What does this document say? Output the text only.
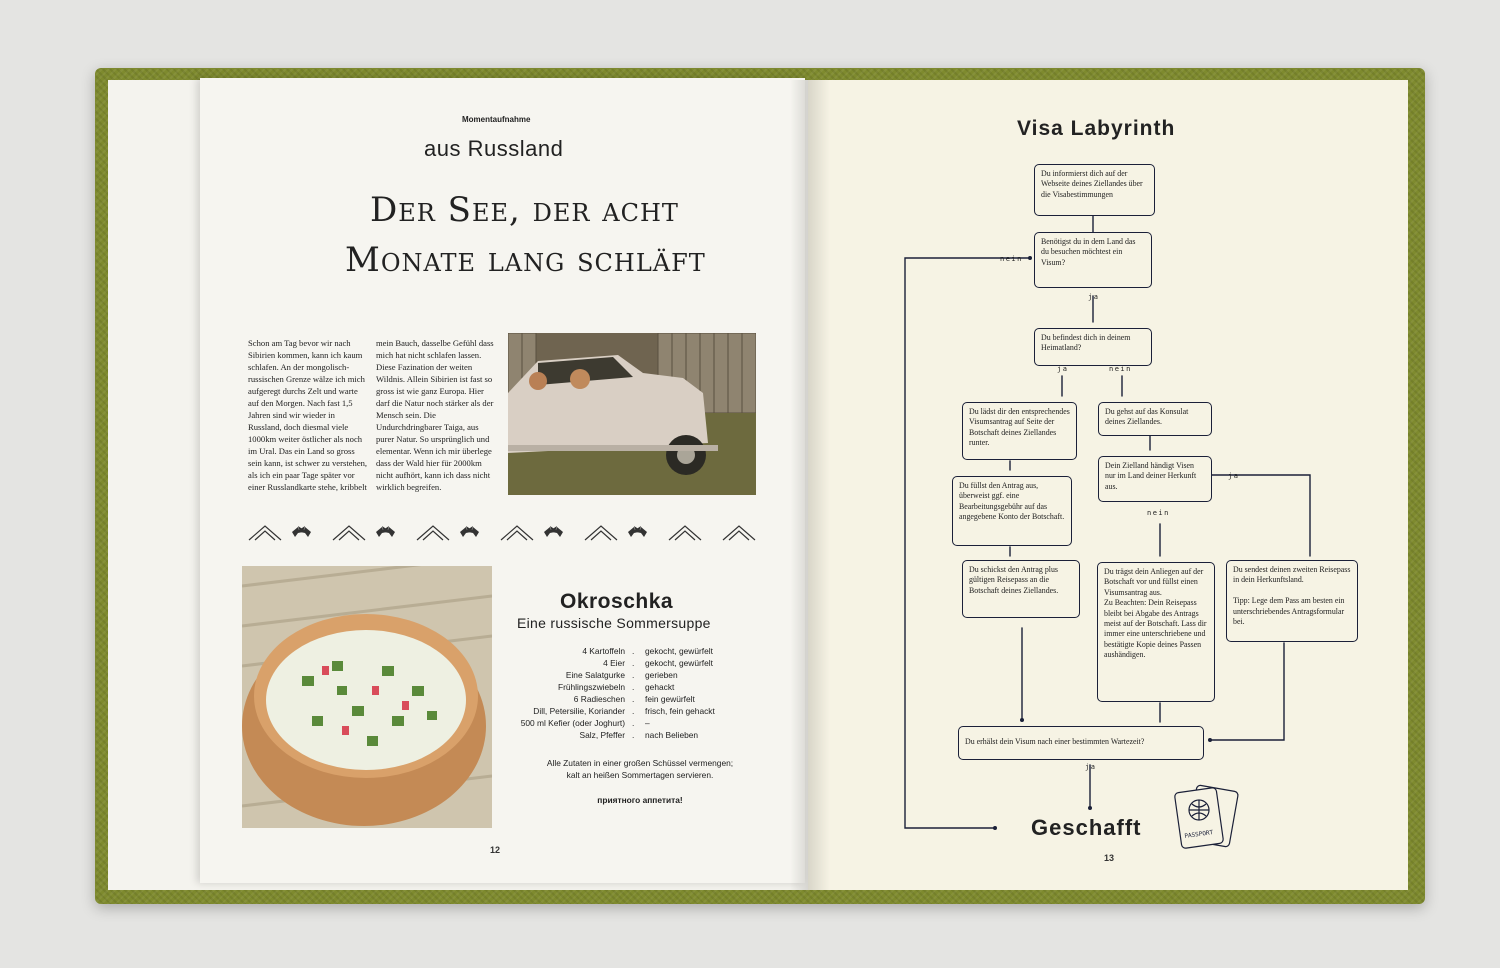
Momentaufnahme
aus Russland
Der See, der acht
Monate lang schläft
Schon am Tag bevor wir nach Sibirien kommen, kann ich kaum schlafen. An der mongolisch-russischen Grenze wälze ich mich aufgeregt durchs Zelt und warte auf den Morgen. Nach fast 1,5 Jahren sind wir wieder in Russland, doch diesmal viele 1000km weiter östlicher als noch im Ural. Das ein Land so gross sein kann, ist schwer zu verstehen, als ich ein paar Tage später vor einer Russlandkarte stehe, kribbelt
mein Bauch, dasselbe Gefühl dass mich hat nicht schlafen lassen. Diese Fazination der weiten Wildnis. Allein Sibirien ist fast so gross ist wie ganz Europa. Hier darf die Natur noch stärker als der Mensch sein. Die Undurchdringbarer Taiga, aus purer Natur. So ursprünglich und elementar. Wenn ich mir überlege dass der Wald hier für 2000km nicht aufhört, kann ich dass nicht wirklich begreifen.
Okroschka
Eine russische Sommersuppe
4 Kartoffeln . gekocht, gewürfelt
4 Eier . gekocht, gewürfelt
Eine Salatgurke . gerieben
Frühlingszwiebeln . gehackt
6 Radieschen . fein gewürfelt
Dill, Petersilie, Koriander . frisch, fein gehackt
500 ml Kefier (oder Joghurt) . –
Salz, Pfeffer . nach Belieben
Alle Zutaten in einer großen Schüssel vermengen;
kalt an heißen Sommertagen servieren.
приятного аппетита!
12
Visa Labyrinth
Du informierst dich auf der Webseite deines Ziellandes über die Visabestimmungen
Benötigst du in dem Land das du besuchen möchtest ein Visum?
Du befindest dich in deinem Heimatland?
Du lädst dir den entsprechendes Visumsantrag auf Seite der Botschaft deines Ziellandes runter.
Du gehst auf das Konsulat deines Ziellandes.
Dein Zielland händigt Visen nur im Land deiner Herkunft aus.
Du füllst den Antrag aus, überweist ggf. eine Bearbeitungsgebühr auf das angegebene Konto der Botschaft.
Du schickst den Antrag plus gültigen Reisepass an die Botschaft deines Ziellandes.
Du trägst dein Anliegen auf der Botschaft vor und füllst einen Visumsantrag aus.
Zu Beachten: Dein Reisepass bleibt bei Abgabe des Antrags meist auf der Botschaft. Lass dir immer eine unterschriebene und bestätigte Kopie deines Passen aushändigen.
Du sendest deinen zweiten Reisepass in dein Herkunftsland.

Tipp: Lege dem Pass am besten ein unterschriebendes Antragsformular bei.
Du erhälst dein Visum nach einer bestimmten Wartezeit?
nein
ja
ja	nein
nein
ja
ja
Geschafft	PASSPORT
13
